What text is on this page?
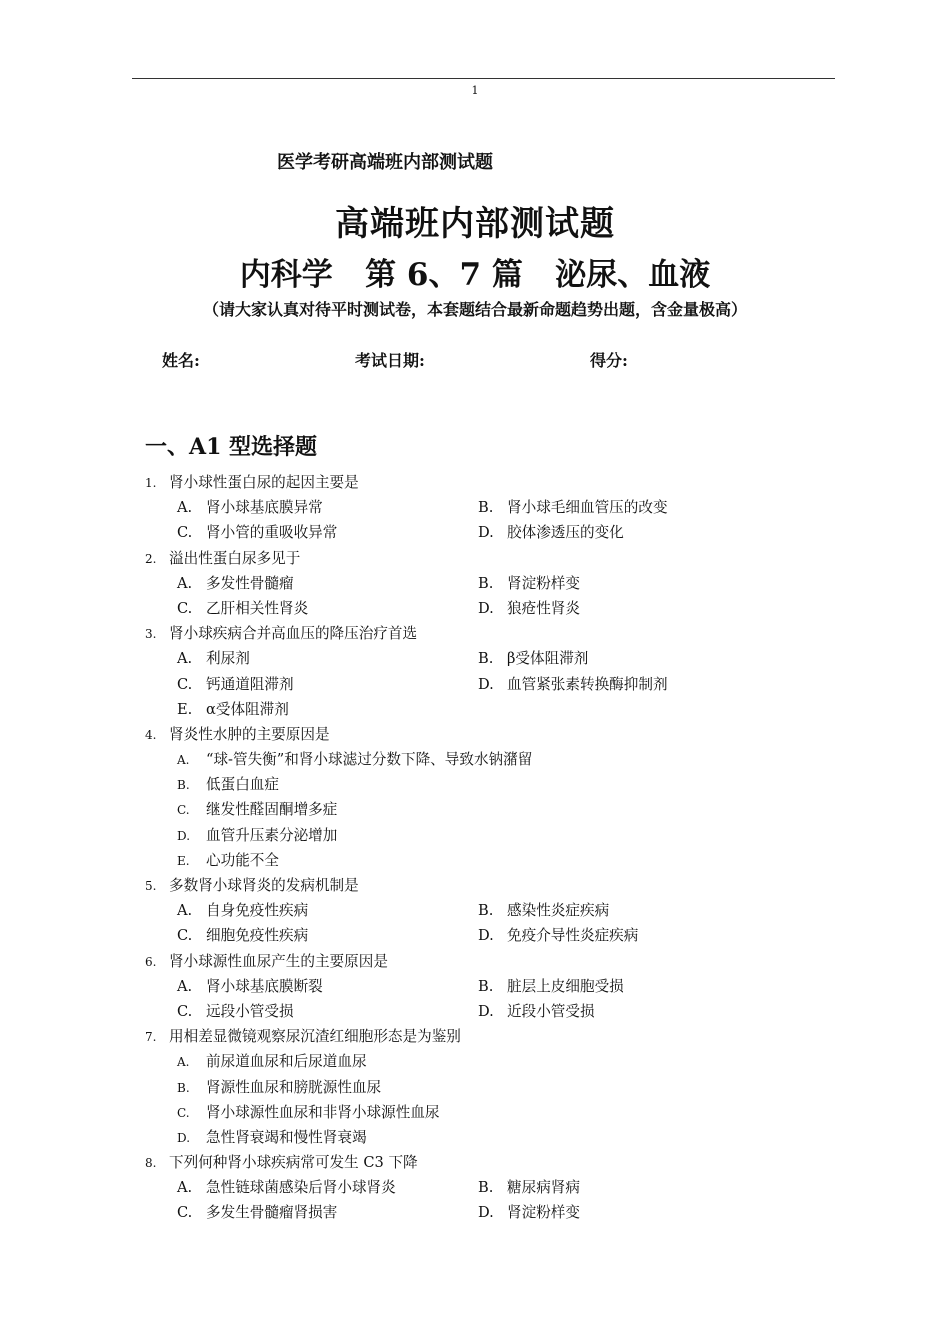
1
医学考研高端班内部测试题
高端班内部测试题
内科学   第 6、7 篇   泌尿、血液
（请大家认真对待平时测试卷，本套题结合最新命题趋势出题，含金量极高）
姓名:	考试日期:	得分:
一、A1 型选择题
1. 肾小球性蛋白尿的起因主要是
A. 肾小球基底膜异常	B. 肾小球毛细血管压的改变
C. 肾小管的重吸收异常	D. 胶体渗透压的变化
2. 溢出性蛋白尿多见于
A. 多发性骨髓瘤	B. 肾淀粉样变
C. 乙肝相关性肾炎	D. 狼疮性肾炎
3. 肾小球疾病合并高血压的降压治疗首选
A. 利尿剂	B. β受体阻滞剂
C. 钙通道阻滞剂	D. 血管紧张素转换酶抑制剂
E. α受体阻滞剂
4. 肾炎性水肿的主要原因是
A. “球-管失衡”和肾小球滤过分数下降、导致水钠潴留
B. 低蛋白血症
C. 继发性醛固酮增多症
D. 血管升压素分泌增加
E. 心功能不全
5. 多数肾小球肾炎的发病机制是
A. 自身免疫性疾病	B. 感染性炎症疾病
C. 细胞免疫性疾病	D. 免疫介导性炎症疾病
6. 肾小球源性血尿产生的主要原因是
A. 肾小球基底膜断裂	B. 脏层上皮细胞受损
C. 远段小管受损	D. 近段小管受损
7. 用相差显微镜观察尿沉渣红细胞形态是为鉴别
A. 前尿道血尿和后尿道血尿
B. 肾源性血尿和膀胱源性血尿
C. 肾小球源性血尿和非肾小球源性血尿
D. 急性肾衰竭和慢性肾衰竭
8. 下列何种肾小球疾病常可发生 C3 下降
A. 急性链球菌感染后肾小球肾炎	B. 糖尿病肾病
C. 多发生骨髓瘤肾损害	D. 肾淀粉样变
